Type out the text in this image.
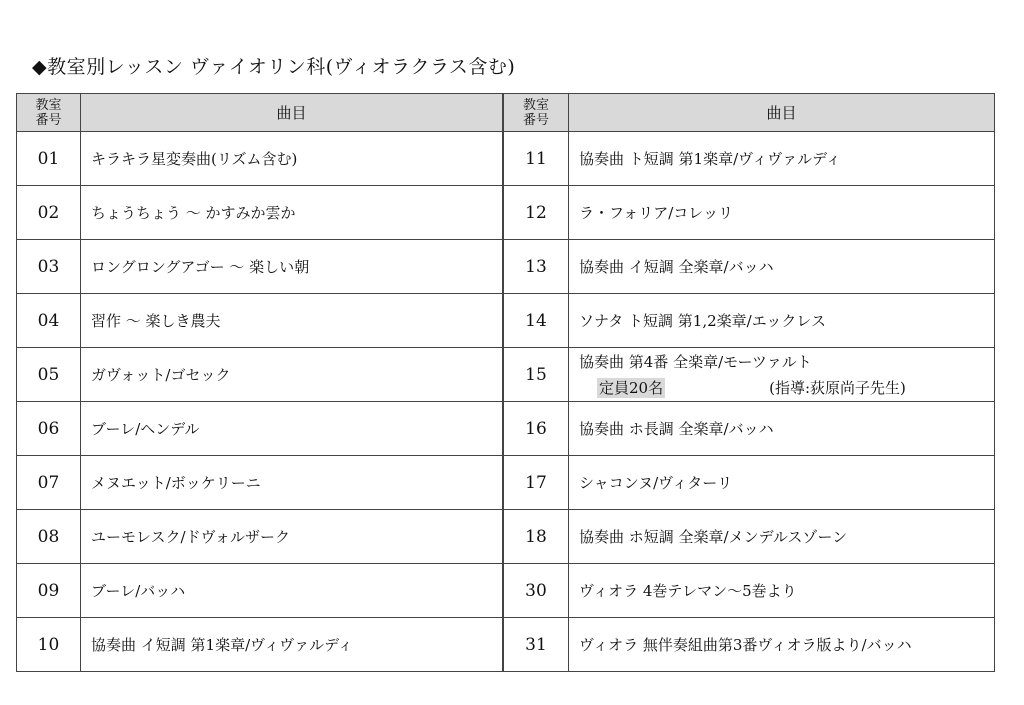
◆教室別レッスン ヴァイオリン科(ヴィオラクラス含む)
教室
番号	曲目
01	キラキラ星変奏曲(リズム含む)
02	ちょうちょう 〜 かすみか雲か
03	ロングロングアゴー 〜 楽しい朝
04	習作 〜 楽しき農夫
05	ガヴォット/ゴセック
06	ブーレ/ヘンデル
07	メヌエット/ボッケリーニ
08	ユーモレスク/ドヴォルザーク
09	ブーレ/バッハ
10	協奏曲 イ短調 第1楽章/ヴィヴァルディ
教室
番号	曲目
11	協奏曲 ト短調 第1楽章/ヴィヴァルディ
12	ラ・フォリア/コレッリ
13	協奏曲 イ短調 全楽章/バッハ
14	ソナタ ト短調 第1,2楽章/エックレス
15	協奏曲 第4番 全楽章/モーツァルト
定員20名 (指導:荻原尚子先生)

16	協奏曲 ホ長調 全楽章/バッハ
17	シャコンヌ/ヴィターリ
18	協奏曲 ホ短調 全楽章/メンデルスゾーン
30	ヴィオラ 4巻テレマン〜5巻より
31	ヴィオラ 無伴奏組曲第3番ヴィオラ版より/バッハ
